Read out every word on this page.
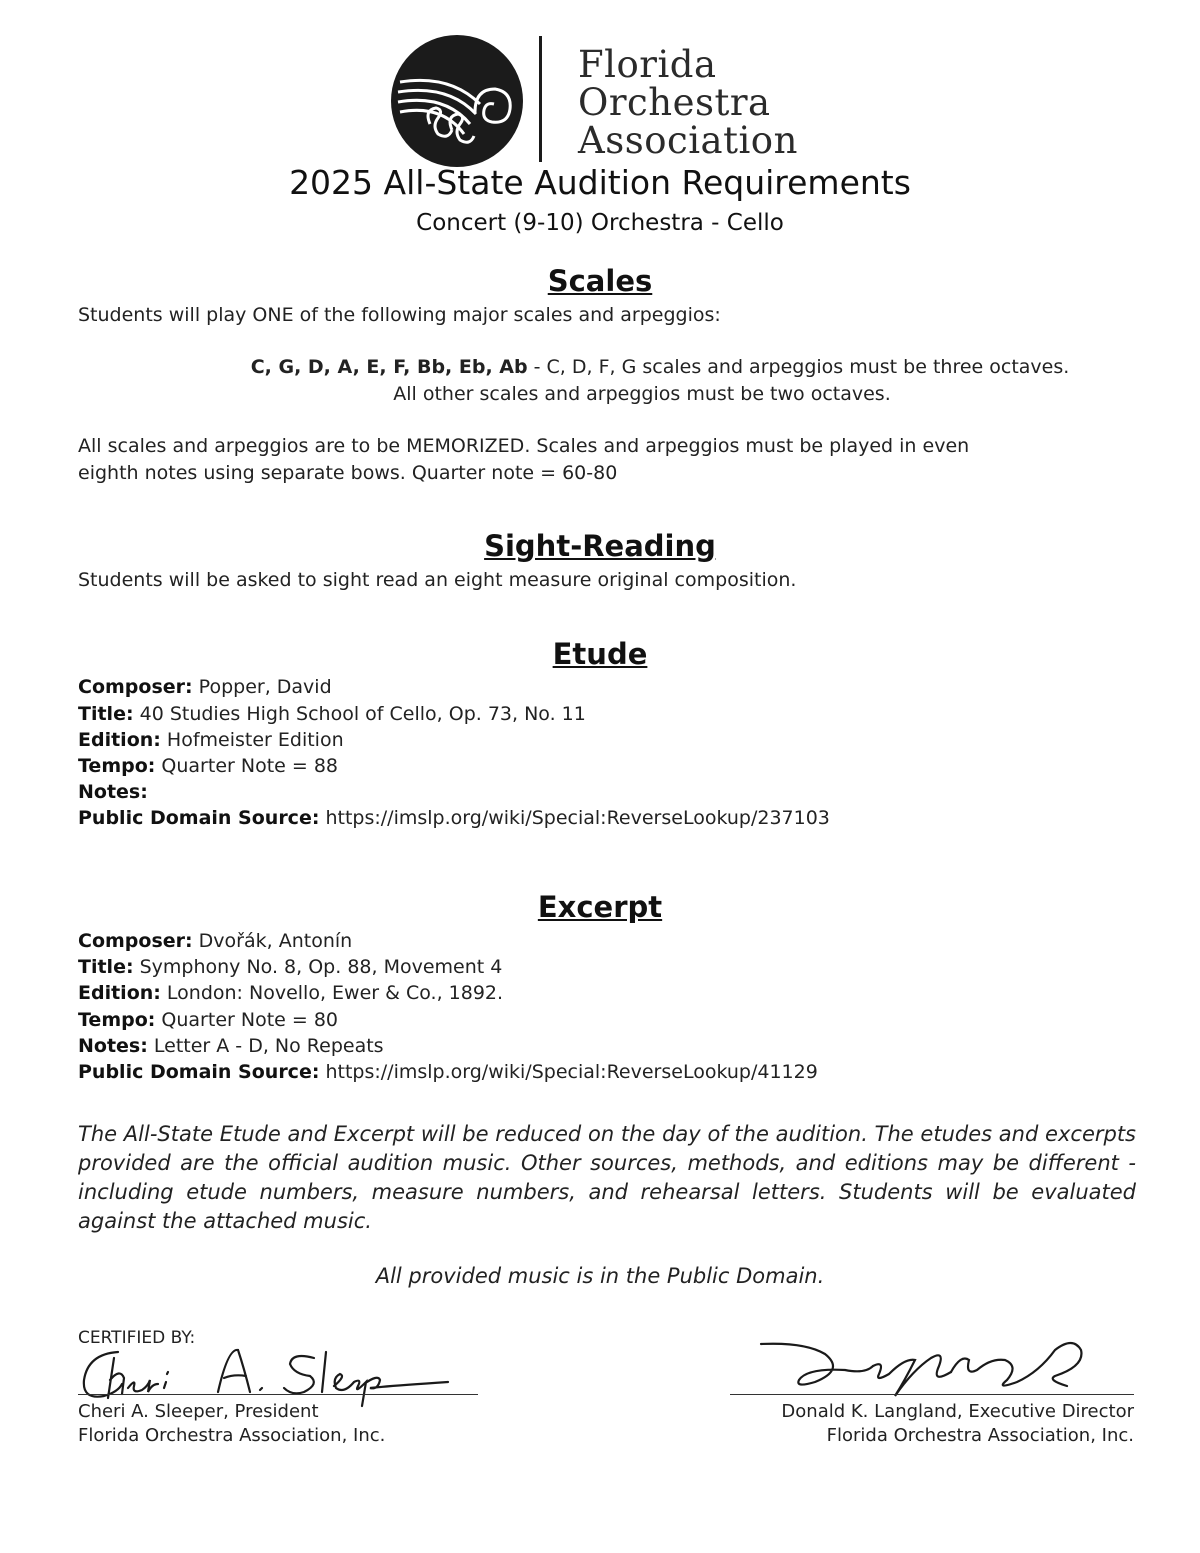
Florida
Orchestra
Association
2025 All-State Audition Requirements
Concert (9-10) Orchestra - Cello
Scales
Students will play ONE of the following major scales and arpeggios:
C, G, D, A, E, F, Bb, Eb, Ab - C, D, F, G scales and arpeggios must be three octaves.
All other scales and arpeggios must be two octaves.
All scales and arpeggios are to be MEMORIZED. Scales and arpeggios must be played in even
eighth notes using separate bows. Quarter note = 60-80
Sight-Reading
Students will be asked to sight read an eight measure original composition.
Etude
Composer: Popper, David
Title: 40 Studies High School of Cello, Op. 73, No. 11
Edition: Hofmeister Edition
Tempo: Quarter Note = 88
Notes:
Public Domain Source: https://imslp.org/wiki/Special:ReverseLookup/237103
Excerpt
Composer: Dvořák, Antonín
Title: Symphony No. 8, Op. 88, Movement 4
Edition: London: Novello, Ewer & Co., 1892.
Tempo: Quarter Note = 80
Notes: Letter A - D, No Repeats
Public Domain Source: https://imslp.org/wiki/Special:ReverseLookup/41129
The All-State Etude and Excerpt will be reduced on the day of the audition. The etudes and excerpts provided are the official audition music. Other sources, methods, and editions may be different - including etude numbers, measure numbers, and rehearsal letters. Students will be evaluated against the attached music.
All provided music is in the Public Domain.
CERTIFIED BY:
Cheri A. Sleeper, President
Florida Orchestra Association, Inc.
Donald K. Langland, Executive Director
Florida Orchestra Association, Inc.
